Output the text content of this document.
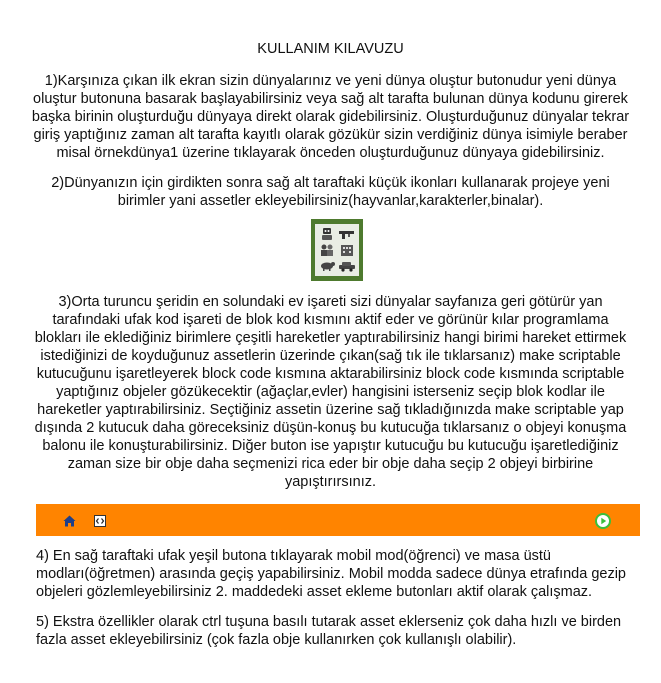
KULLANIM KILAVUZU
1)Karşınıza çıkan ilk ekran sizin dünyalarınız ve yeni dünya oluştur butonudur yeni dünya
oluştur butonuna basarak başlayabilirsiniz veya sağ alt tarafta bulunan dünya kodunu girerek
başka birinin oluşturduğu dünyaya direkt olarak gidebilirsiniz. Oluşturduğunuz dünyalar tekrar
giriş yaptığınız zaman alt tarafta kayıtlı olarak gözükür sizin verdiğiniz dünya isimiyle beraber
misal örnekdünya1 üzerine tıklayarak önceden oluşturduğunuz dünyaya gidebilirsiniz.
2)Dünyanızın için girdikten sonra sağ alt taraftaki küçük ikonları kullanarak projeye yeni
birimler yani assetler ekleyebilirsiniz(hayvanlar,karakterler,binalar).
3)Orta turuncu şeridin en solundaki ev işareti sizi dünyalar sayfanıza geri götürür yan
tarafındaki ufak kod işareti de blok kod kısmını aktif eder ve görünür kılar programlama
blokları ile eklediğiniz birimlere çeşitli hareketler yaptırabilirsiniz hangi birimi hareket ettirmek
istediğinizi de koyduğunuz assetlerin üzerinde çıkan(sağ tık ile tıklarsanız) make scriptable
kutucuğunu işaretleyerek block code kısmına aktarabilirsiniz block code kısmında scriptable
yaptığınız objeler gözükecektir (ağaçlar,evler) hangisini isterseniz seçip blok kodlar ile
hareketler yaptırabilirsiniz. Seçtiğiniz assetin üzerine sağ tıkladığınızda make scriptable yap
dışında 2 kutucuk daha göreceksiniz düşün-konuş bu kutucuğa tıklarsanız o objeyi konuşma
balonu ile konuşturabilirsiniz. Diğer buton ise yapıştır kutucuğu bu kutucuğu işaretlediğiniz
zaman size bir obje daha seçmenizi rica eder bir obje daha seçip 2 objeyi birbirine
yapıştırırsınız.
4) En sağ taraftaki ufak yeşil butona tıklayarak mobil mod(öğrenci) ve masa üstü
modları(öğretmen) arasında geçiş yapabilirsiniz. Mobil modda sadece dünya etrafında gezip
objeleri gözlemleyebilirsiniz 2. maddedeki asset ekleme butonları aktif olarak çalışmaz.
5) Ekstra özellikler olarak ctrl tuşuna basılı tutarak asset eklerseniz çok daha hızlı ve birden
fazla asset ekleyebilirsiniz (çok fazla obje kullanırken çok kullanışlı olabilir).
